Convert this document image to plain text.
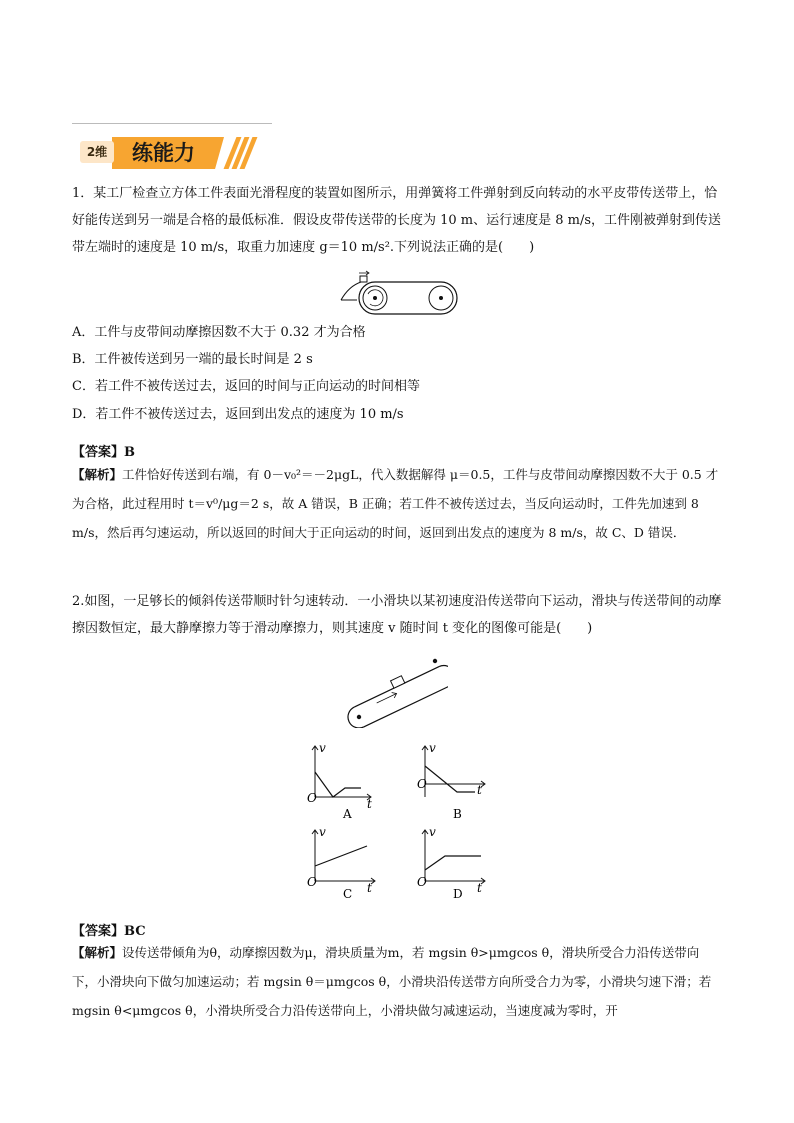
2维	练能力

1．某工厂检查立方体工件表面光滑程度的装置如图所示，用弹簧将工件弹射到反向转动的水平皮带传送带上，恰好能传送到另一端是合格的最低标准．假设皮带传送带的长度为 10 m、运行速度是 8 m/s，工件刚被弹射到传送带左端时的速度是 10 m/s，取重力加速度 g＝10 m/s².下列说法正确的是(　　)

A．工件与皮带间动摩擦因数不大于 0.32 才为合格
B．工件被传送到另一端的最长时间是 2 s
C．若工件不被传送过去，返回的时间与正向运动的时间相等
D．若工件不被传送过去，返回到出发点的速度为 10 m/s
【答案】B
【解析】工件恰好传送到右端，有 0－v₀²＝－2μgL，代入数据解得 μ＝0.5，工件与皮带间动摩擦因数不大于 0.5 才为合格，此过程用时 t＝v⁰/μg＝2 s，故 A 错误，B 正确；若工件不被传送过去，当反向运动时，工件先加速到 8 m/s，然后再匀速运动，所以返回的时间大于正向运动的时间，返回到出发点的速度为 8 m/s，故 C、D 错误．

2.如图，一足够长的倾斜传送带顺时针匀速转动．一小滑块以某初速度沿传送带向下运动，滑块与传送带间的动摩擦因数恒定，最大静摩擦力等于滑动摩擦力，则其速度 v 随时间 t 变化的图像可能是(　　)

v
t
O
A
v
t
O
B
v
t
O
C
v
t
O
D
【答案】BC
【解析】设传送带倾角为θ，动摩擦因数为μ，滑块质量为m，若 mgsin θ>μmgcos θ，滑块所受合力沿传送带向下，小滑块向下做匀加速运动；若 mgsin θ＝μmgcos θ，小滑块沿传送带方向所受合力为零，小滑块匀速下滑；若 mgsin θ<μmgcos θ，小滑块所受合力沿传送带向上，小滑块做匀减速运动，当速度减为零时，开
